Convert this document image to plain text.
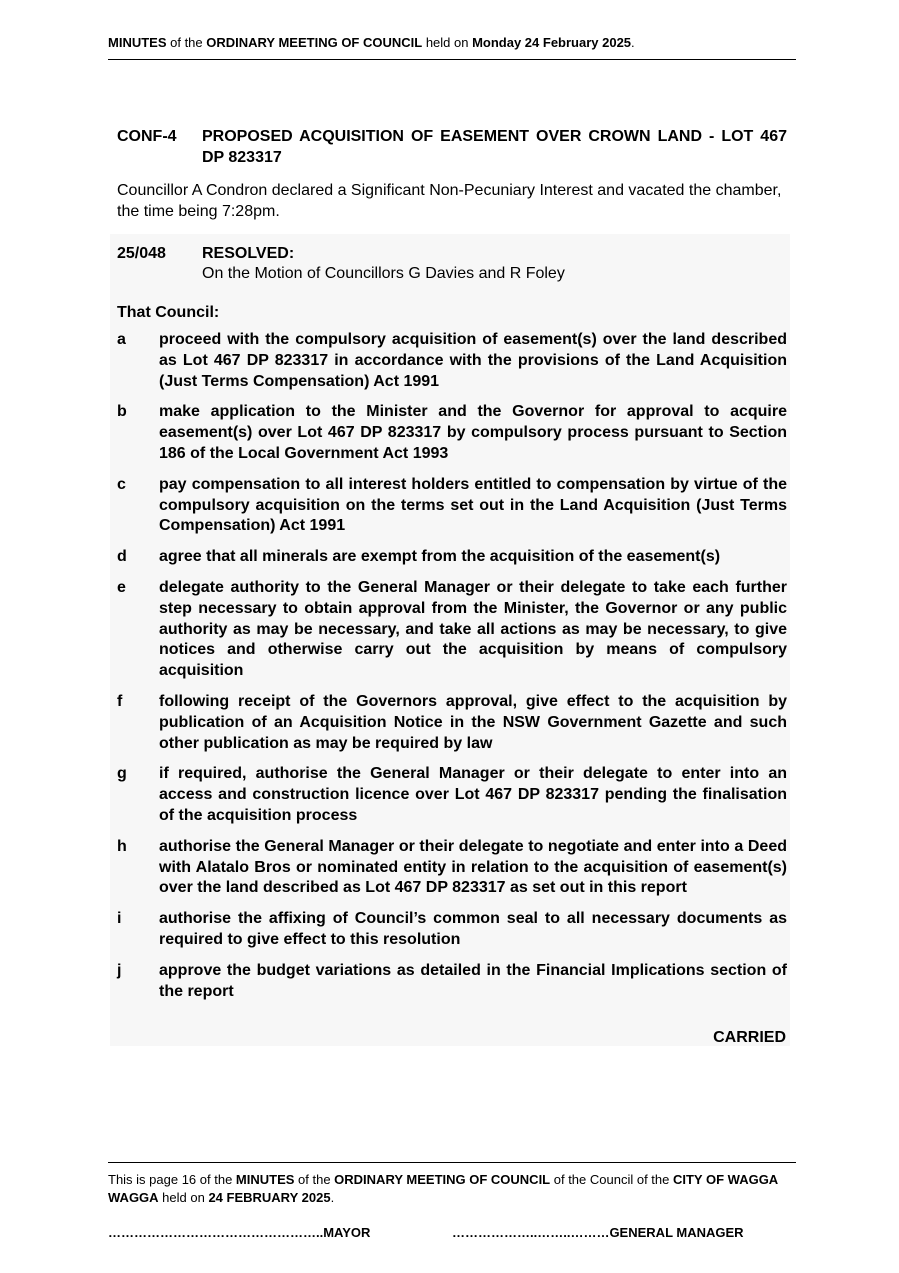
MINUTES of the ORDINARY MEETING OF COUNCIL held on Monday 24 February 2025.
CONF-4 PROPOSED ACQUISITION OF EASEMENT OVER CROWN LAND - LOT 467 DP 823317
Councillor A Condron declared a Significant Non-Pecuniary Interest and vacated the chamber, the time being 7:28pm.
25/048 RESOLVED:
On the Motion of Councillors G Davies and R Foley
That Council:
a proceed with the compulsory acquisition of easement(s) over the land described as Lot 467 DP 823317 in accordance with the provisions of the Land Acquisition (Just Terms Compensation) Act 1991
b make application to the Minister and the Governor for approval to acquire easement(s) over Lot 467 DP 823317 by compulsory process pursuant to Section 186 of the Local Government Act 1993
c pay compensation to all interest holders entitled to compensation by virtue of the compulsory acquisition on the terms set out in the Land Acquisition (Just Terms Compensation) Act 1991
d agree that all minerals are exempt from the acquisition of the easement(s)
e delegate authority to the General Manager or their delegate to take each further step necessary to obtain approval from the Minister, the Governor or any public authority as may be necessary, and take all actions as may be necessary, to give notices and otherwise carry out the acquisition by means of compulsory acquisition
f following receipt of the Governors approval, give effect to the acquisition by publication of an Acquisition Notice in the NSW Government Gazette and such other publication as may be required by law
g if required, authorise the General Manager or their delegate to enter into an access and construction licence over Lot 467 DP 823317 pending the finalisation of the acquisition process
h authorise the General Manager or their delegate to negotiate and enter into a Deed with Alatalo Bros or nominated entity in relation to the acquisition of easement(s) over the land described as Lot 467 DP 823317 as set out in this report
i authorise the affixing of Council’s common seal to all necessary documents as required to give effect to this resolution
j approve the budget variations as detailed in the Financial Implications section of the report
CARRIED
This is page 16 of the MINUTES of the ORDINARY MEETING OF COUNCIL of the Council of the CITY OF WAGGA WAGGA held on 24 FEBRUARY 2025.
…………………………………………..MAYOR	………………..……..………GENERAL MANAGER
